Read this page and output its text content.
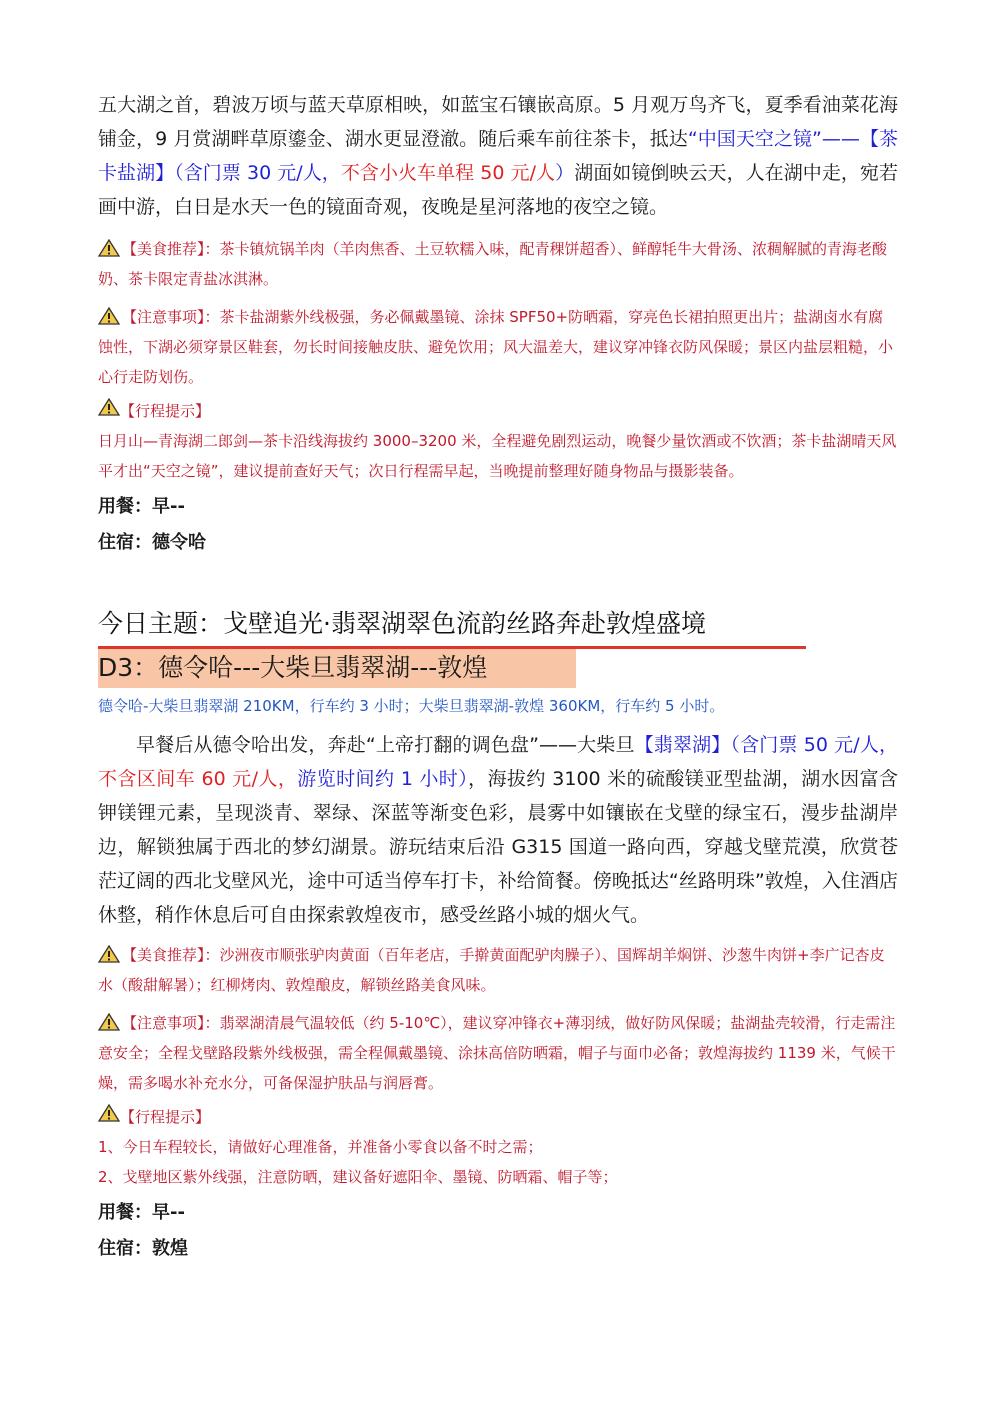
五大湖之首，碧波万顷与蓝天草原相映，如蓝宝石镶嵌高原。5 月观万鸟齐飞，夏季看油菜花海铺金，9 月赏湖畔草原鎏金、湖水更显澄澈。随后乘车前往茶卡，抵达“中国天空之镜”——【茶卡盐湖】（含门票 30 元/人，不含小火车单程 50 元/人）湖面如镜倒映云天，人在湖中走，宛若画中游，白日是水天一色的镜面奇观，夜晚是星河落地的夜空之镜。

【美食推荐】：茶卡镇炕锅羊肉（羊肉焦香、土豆软糯入味，配青稞饼超香）、鲜醇牦牛大骨汤、浓稠解腻的青海老酸奶、茶卡限定青盐冰淇淋。

【注意事项】：茶卡盐湖紫外线极强，务必佩戴墨镜、涂抹 SPF50+防晒霜，穿亮色长裙拍照更出片；盐湖卤水有腐蚀性，下湖必须穿景区鞋套，勿长时间接触皮肤、避免饮用；风大温差大，建议穿冲锋衣防风保暖；景区内盐层粗糙，小心行走防划伤。

【行程提示】

日月山—青海湖二郎剑—茶卡沿线海拔约 3000–3200 米，全程避免剧烈运动，晚餐少量饮酒或不饮酒；茶卡盐湖晴天风平才出“天空之镜”，建议提前查好天气；次日行程需早起，当晚提前整理好随身物品与摄影装备。

用餐：早--

住宿：德令哈

今日主题：戈壁追光·翡翠湖翠色流韵丝路奔赴敦煌盛境

D3：德令哈---大柴旦翡翠湖---敦煌

德令哈-大柴旦翡翠湖 210KM，行车约 3 小时；大柴旦翡翠湖-敦煌 360KM，行车约 5 小时。

早餐后从德令哈出发，奔赴“上帝打翻的调色盘”——大柴旦【翡翠湖】（含门票 50 元/人，不含区间车 60 元/人，游览时间约 1 小时），海拔约 3100 米的硫酸镁亚型盐湖，湖水因富含钾镁锂元素，呈现淡青、翠绿、深蓝等渐变色彩，晨雾中如镶嵌在戈壁的绿宝石，漫步盐湖岸边，解锁独属于西北的梦幻湖景。游玩结束后沿 G315 国道一路向西，穿越戈壁荒漠，欣赏苍茫辽阔的西北戈壁风光，途中可适当停车打卡，补给简餐。傍晚抵达“丝路明珠”敦煌，入住酒店休整，稍作休息后可自由探索敦煌夜市，感受丝路小城的烟火气。

【美食推荐】：沙洲夜市顺张驴肉黄面（百年老店，手擀黄面配驴肉臊子）、国辉胡羊焖饼、沙葱牛肉饼+李广记杏皮水（酸甜解暑）；红柳烤肉、敦煌酿皮，解锁丝路美食风味。

【注意事项】：翡翠湖清晨气温较低（约 5-10℃），建议穿冲锋衣+薄羽绒，做好防风保暖；盐湖盐壳较滑，行走需注意安全；全程戈壁路段紫外线极强，需全程佩戴墨镜、涂抹高倍防晒霜，帽子与面巾必备；敦煌海拔约 1139 米，气候干燥，需多喝水补充水分，可备保湿护肤品与润唇膏。

【行程提示】

1、今日车程较长，请做好心理准备，并准备小零食以备不时之需；

2、戈壁地区紫外线强，注意防晒，建议备好遮阳伞、墨镜、防晒霜、帽子等；

用餐：早--

住宿：敦煌
